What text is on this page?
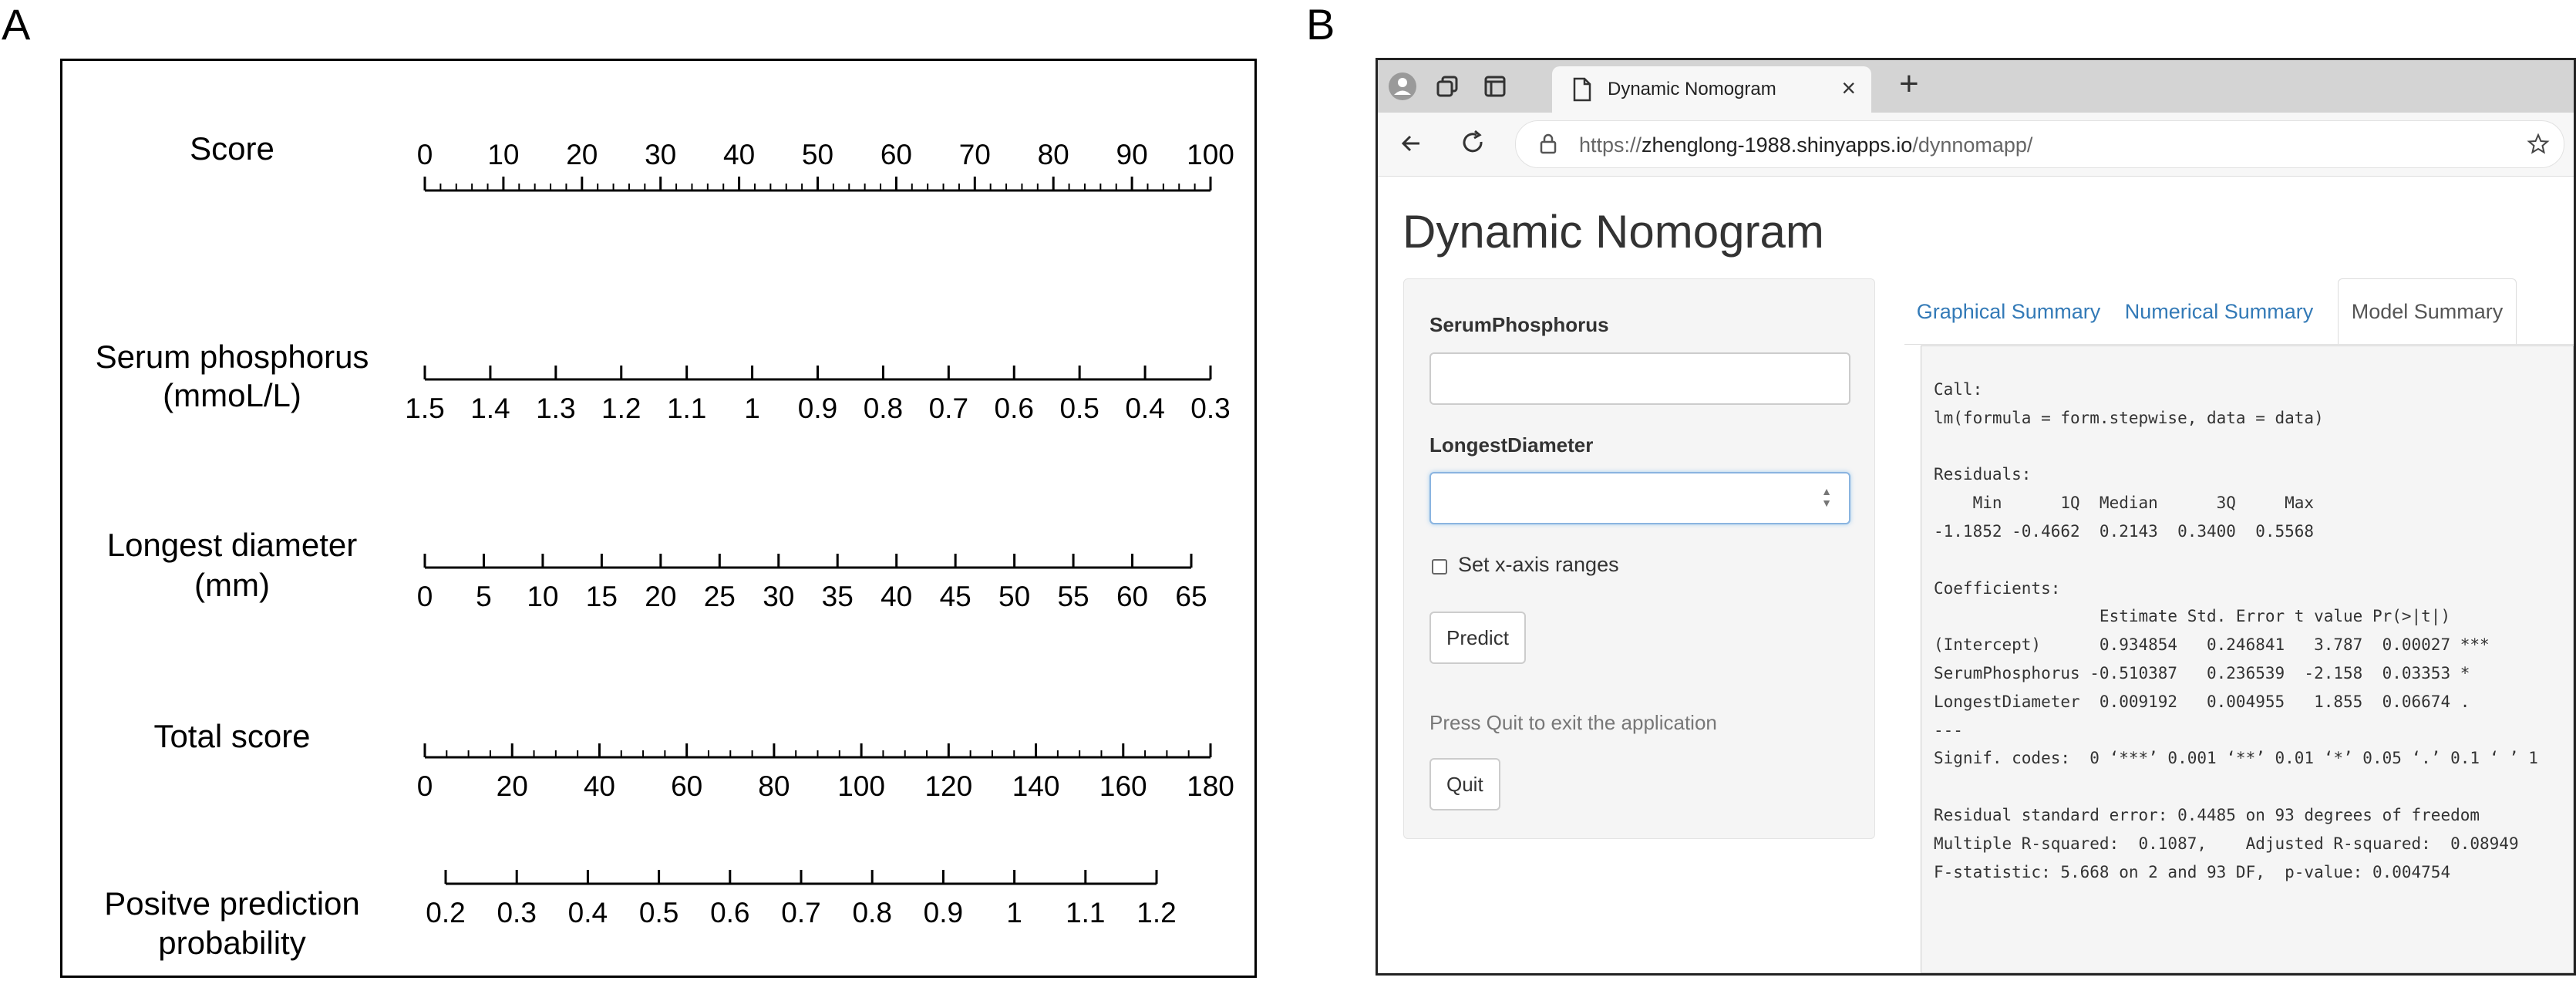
A	B
Score	0 10 20 30 40 50 60 70 80 90 100
Serum phosphorus
(mmoL/L)	1.5 1.4 1.3 1.2 1.1 1 0.9 0.8 0.7 0.6 0.5 0.4 0.3
Longest diameter
(mm)	0 5 10 15 20 25 30 35 40 45 50 55 60 65
Total score
0 20 40 60 80 100 120 140 160 180
Positve prediction
probability
0.2 0.3 0.4 0.5 0.6 0.7 0.8 0.9 1 1.1 1.2
Dynamic Nomogram	× +
https://zhenglong-1988.shinyapps.io/dynnomapp/
Dynamic Nomogram
SerumPhosphorus
LongestDiameter
▲
▼
Set x-axis ranges
Predict
Press Quit to exit the application
Quit
Graphical Summary	Numerical Summary	Model Summary
Call:
lm(formula = form.stepwise, data = data)
Residuals:
Min      1Q  Median      3Q     Max
-1.1852 -0.4662  0.2143  0.3400  0.5568
Coefficients:
Estimate Std. Error t value Pr(>|t|)
(Intercept)      0.934854   0.246841   3.787  0.00027 ***
SerumPhosphorus -0.510387   0.236539  -2.158  0.03353 *
LongestDiameter  0.009192   0.004955   1.855  0.06674 .
---
Signif. codes:  0 ‘***’ 0.001 ‘**’ 0.01 ‘*’ 0.05 ‘.’ 0.1 ‘ ’ 1
Residual standard error: 0.4485 on 93 degrees of freedom
Multiple R-squared:  0.1087,	Adjusted R-squared:  0.08949
F-statistic: 5.668 on 2 and 93 DF,  p-value: 0.004754
